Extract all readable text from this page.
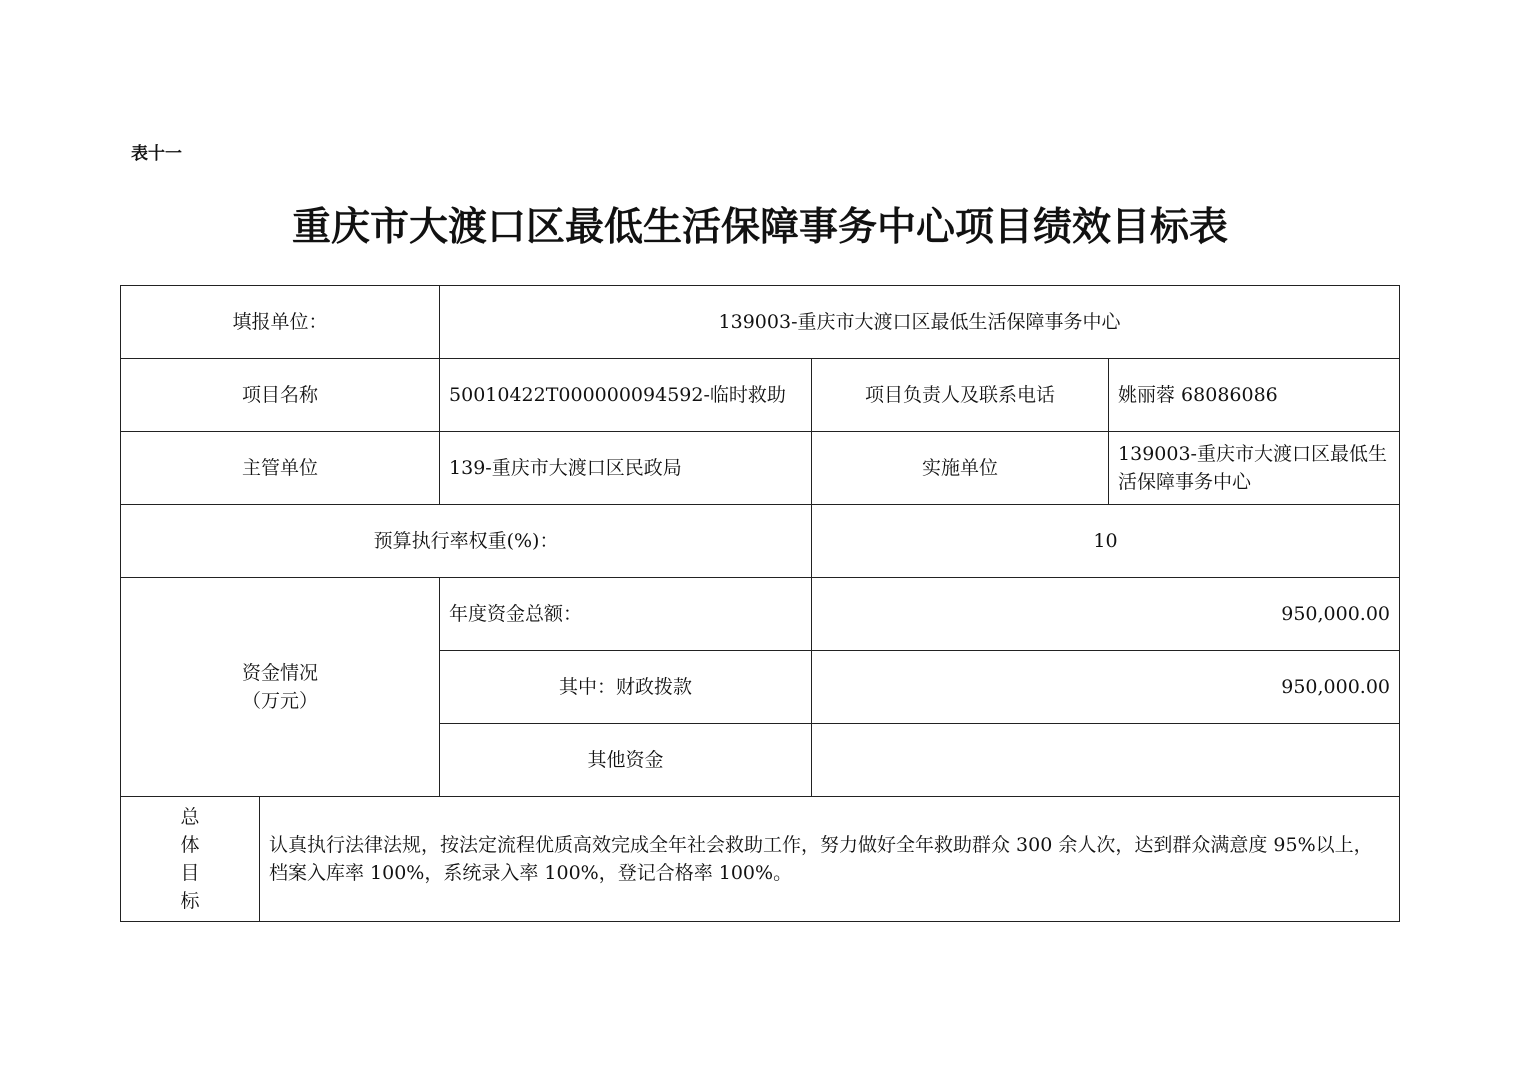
表十一
重庆市大渡口区最低生活保障事务中心项目绩效目标表
填报单位：		139003-重庆市大渡口区最低生活保障事务中心		
项目名称		50010422T000000094592-临时救助	项目负责人及联系电话	姚丽蓉 68086086
主管单位		139-重庆市大渡口区民政局	实施单位	139003-重庆市大渡口区最低生活保障事务中心
预算执行率权重(%)：			10	

资金情况
（万元）		年度资金总额：	950,000.00	
		其中：财政拨款	950,000.00	
		其他资金		

总
体
目
标	认真执行法律法规，按法定流程优质高效完成全年社会救助工作，努力做好全年救助群众 300 余人次，达到群众满意度 95%以上，档案入库率 100%，系统录入率 100%，登记合格率 100%。			
